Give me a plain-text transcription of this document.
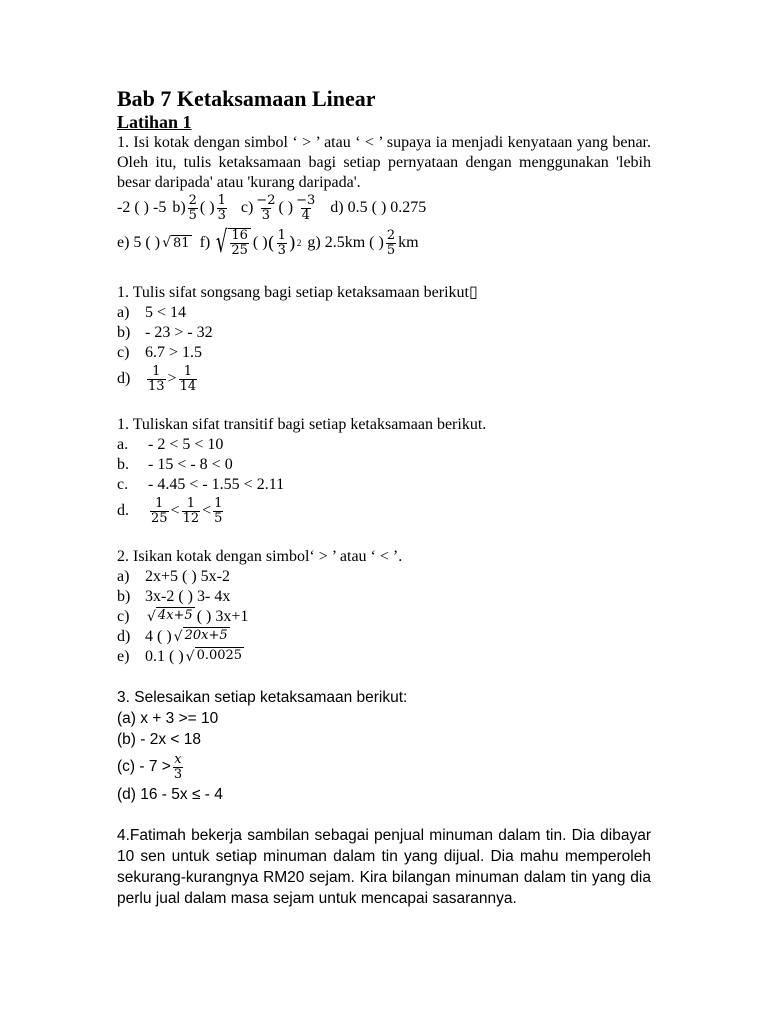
Bab 7 Ketaksamaan Linear
Latihan 1

1. Isi kotak dengan simbol ‘ > ’ atau ‘ < ’ supaya ia menjadi kenyataan yang benar. Oleh itu, tulis ketaksamaan bagi setiap pernyataan dengan menggunakan 'lebih besar daripada' atau 'kurang daripada'.

-2 ( ) -5 $b) \frac{2}{5}$ ( ) $\frac{1}{3} c) \frac{-2}{3}$ ( ) $\frac{-3}{4} d$) 0.5 ( ) 0.275
e) 5 ( ) √ 81 f) √ $\frac{16}{25}$ ( ) ( $\frac{1}{3}$ ) 2 g) 2.5km ( ) $\frac{2}{5}$ km
1. Tulis sifat songsang bagi setiap ketaksamaan berikut ▯
a) 5 < 14
b) - 23 > - 32
c) 6.7 > 1.5
d)	$\frac{1}{13} > \frac{1}{14}$
1. Tuliskan sifat transitif bagi setiap ketaksamaan berikut.
a.	- 2 < 5 < 10
b.	- 15 < - 8 < 0
c.	- 4.45 < - 1.55 < 2.11
d.	$\frac{1}{25} < \frac{1}{12} < \frac{1}{5}$
2. Isikan kotak dengan simbol‘ > ’ atau ‘ < ’.
a) 2x+5 ( ) 5x-2
b) 3x-2 ( ) 3- 4x
c)	√ 4x+5 ( ) 3x+1
d) 4 ( ) √ 20x+5
e) 0.1 ( ) √ 0.0025
3. Selesaikan setiap ketaksamaan berikut:
(a) x + 3 >= 10
(b) - 2x < 18
$(c) - 7 > \frac{x}{3}$
(d) 16 - 5x ≤ - 4

4.Fatimah bekerja sambilan sebagai penjual minuman dalam tin. Dia dibayar 10 sen untuk setiap minuman dalam tin yang dijual. Dia mahu memperoleh sekurang-kurangnya RM20 sejam. Kira bilangan minuman dalam tin yang dia perlu jual dalam masa sejam untuk mencapai sasarannya.
